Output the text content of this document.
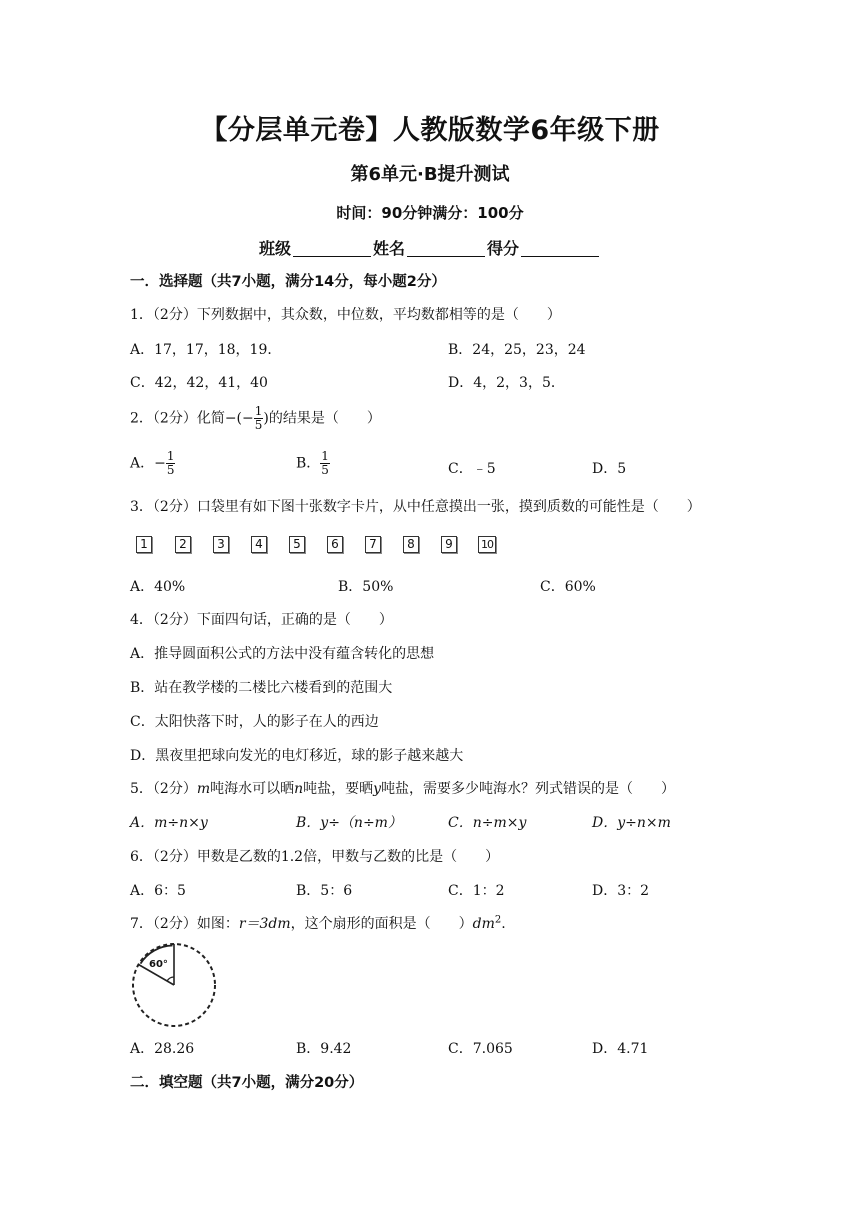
【分层单元卷】人教版数学6年级下册
第6单元·B提升测试
时间：90分钟满分：100分
班级	姓名	得分
一．选择题（共7小题，满分14分，每小题2分）
1．（2分）下列数据中，其众数，中位数，平均数都相等的是（　　）
A．17，17，18，19．	B．24，25，23，24
C．42，42，41，40	D．4，2，3，5．
2．（2分）化简−(− $\frac{1}{5}$ )的结果是（　　）
A．− $\frac{1}{5}$	B． $\frac{1}{5}$	C．﹣5	D．5
3．（2分）口袋里有如下图十张数字卡片，从中任意摸出一张，摸到质数的可能性是（　　）
1	2	3	4	5	6	7	8	9	10
A．40%	B．50%	C．60%
4．（2分）下面四句话，正确的是（　　）
A．推导圆面积公式的方法中没有蕴含转化的思想
B．站在教学楼的二楼比六楼看到的范围大
C．太阳快落下时，人的影子在人的西边
D．黑夜里把球向发光的电灯移近，球的影子越来越大
5．（2分）m吨海水可以晒n吨盐，要晒y吨盐，需要多少吨海水？列式错误的是（　　）
A．m÷n×y	B．y÷（n÷m）	C．n÷m×y	D．y÷n×m
6．（2分）甲数是乙数的1.2倍，甲数与乙数的比是（　　）
A．6：5	B．5：6	C．1：2	D．3：2
7．（2分）如图：r＝3dm，这个扇形的面积是（　　）$dm^2$.
60°
A．28.26	B．9.42	C．7.065	D．4.71
二．填空题（共7小题，满分20分）
